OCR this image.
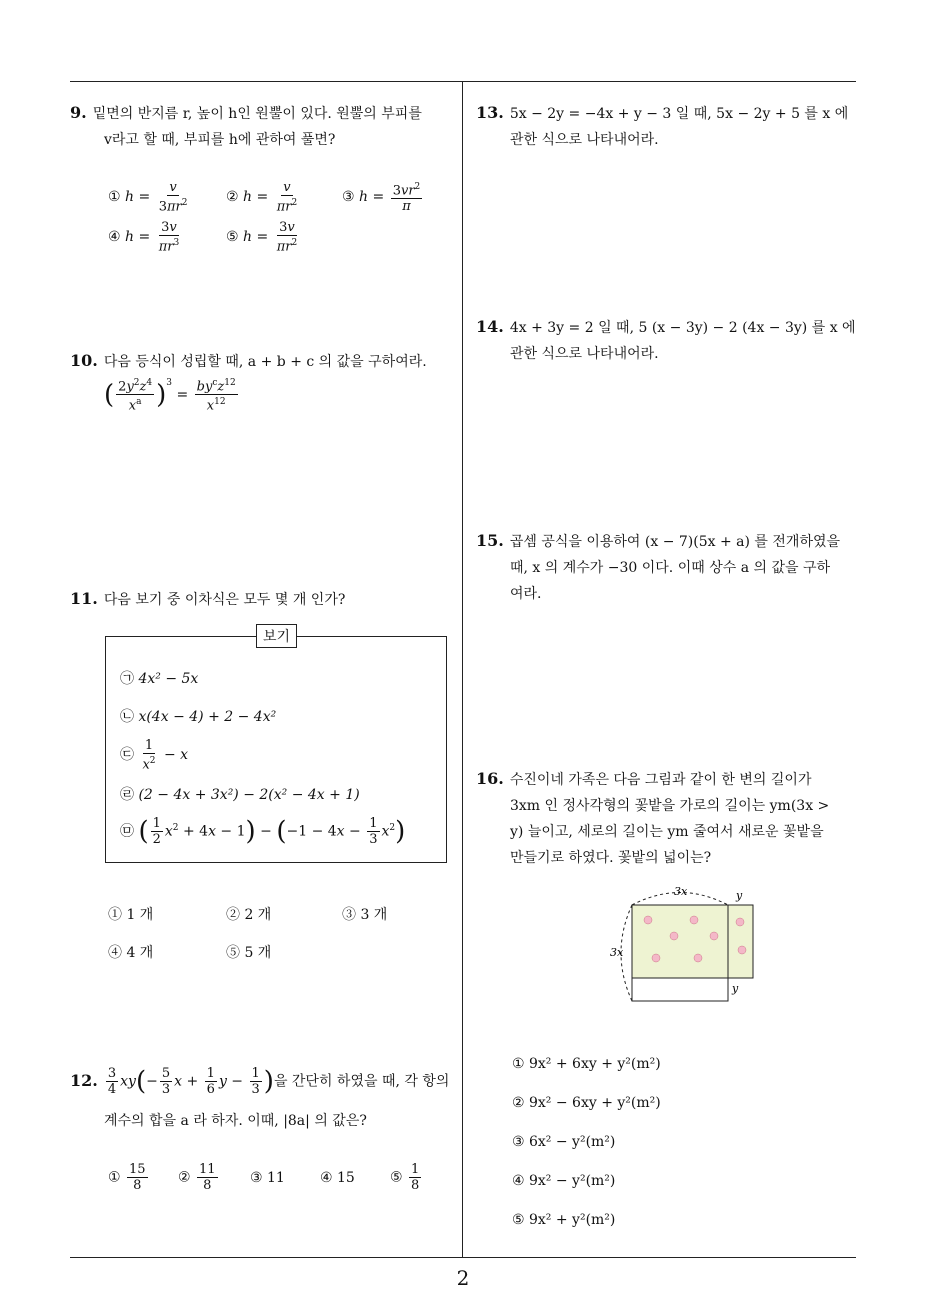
2
9. 밑면의 반지름 r, 높이 h인 원뿔이 있다. 원뿔의 부피를
v라고 할 때, 부피를 h에 관하여 풀면?
① $h = \frac{v}{3\pi r^2}$	② $h = \frac{v}{\pi r^2}$	③ $h = \frac{3vr^2}{\pi}$
④ $h = \frac{3v}{\pi r^3}$	⑤ $h = \frac{3v}{\pi r^2}$
10. 다음 등식이 성립할 때, a + b + c 의 값을 구하여라.
( $\frac{2y^2z^4}{x^a} )^3 = \frac{by^cz^{12}}{x^{12}}$
11. 다음 보기 중 이차식은 모두 몇 개 인가?
보기
㉠ 4x² − 5x
㉡ x(4x − 4) + 2 − 4x²
㉢ $\frac{1}{x^2} - x$
㉣ (2 − 4x + 3x²) − 2(x² − 4x + 1)
㉤ ( $\frac{1}{2} x^2 + 4x - 1) - (-1 - 4x - \frac{1}{3} x^2)$
① 1 개	② 2 개	③ 3 개
④ 4 개	⑤ 5 개
12. $\frac{3}{4} xy(- \frac{5}{3}$ $x + \frac{1}{6}$ $y - \frac{1}{3}$ )을 간단히 하였을 때, 각 항의
계수의 합을 a 라 하자. 이때, |8a| 의 값은?
① $\frac{15}{8}$ ② $\frac{11}{8}$ ③ 11	④ 15	⑤ $\frac{1}{8}$
13. 5x − 2y = −4x + y − 3 일 때, 5x − 2y + 5 를 x 에
관한 식으로 나타내어라.
14. 4x + 3y = 2 일 때, 5 (x − 3y) − 2 (4x − 3y) 를 x 에
관한 식으로 나타내어라.
15. 곱셈 공식을 이용하여 (x − 7)(5x + a) 를 전개하였을
때, x 의 계수가 −30 이다. 이때 상수 a 의 값을 구하
여라.
16. 수진이네 가족은 다음 그림과 같이 한 변의 길이가
3xm 인 정사각형의 꽃밭을 가로의 길이는 ym(3x >
y) 늘이고, 세로의 길이는 ym 줄여서 새로운 꽃밭을
만들기로 하였다. 꽃밭의 넓이는?
3x
3x
y
y
① 9x² + 6xy + y²(m²)
② 9x² − 6xy + y²(m²)
③ 6x² − y²(m²)
④ 9x² − y²(m²)
⑤ 9x² + y²(m²)
